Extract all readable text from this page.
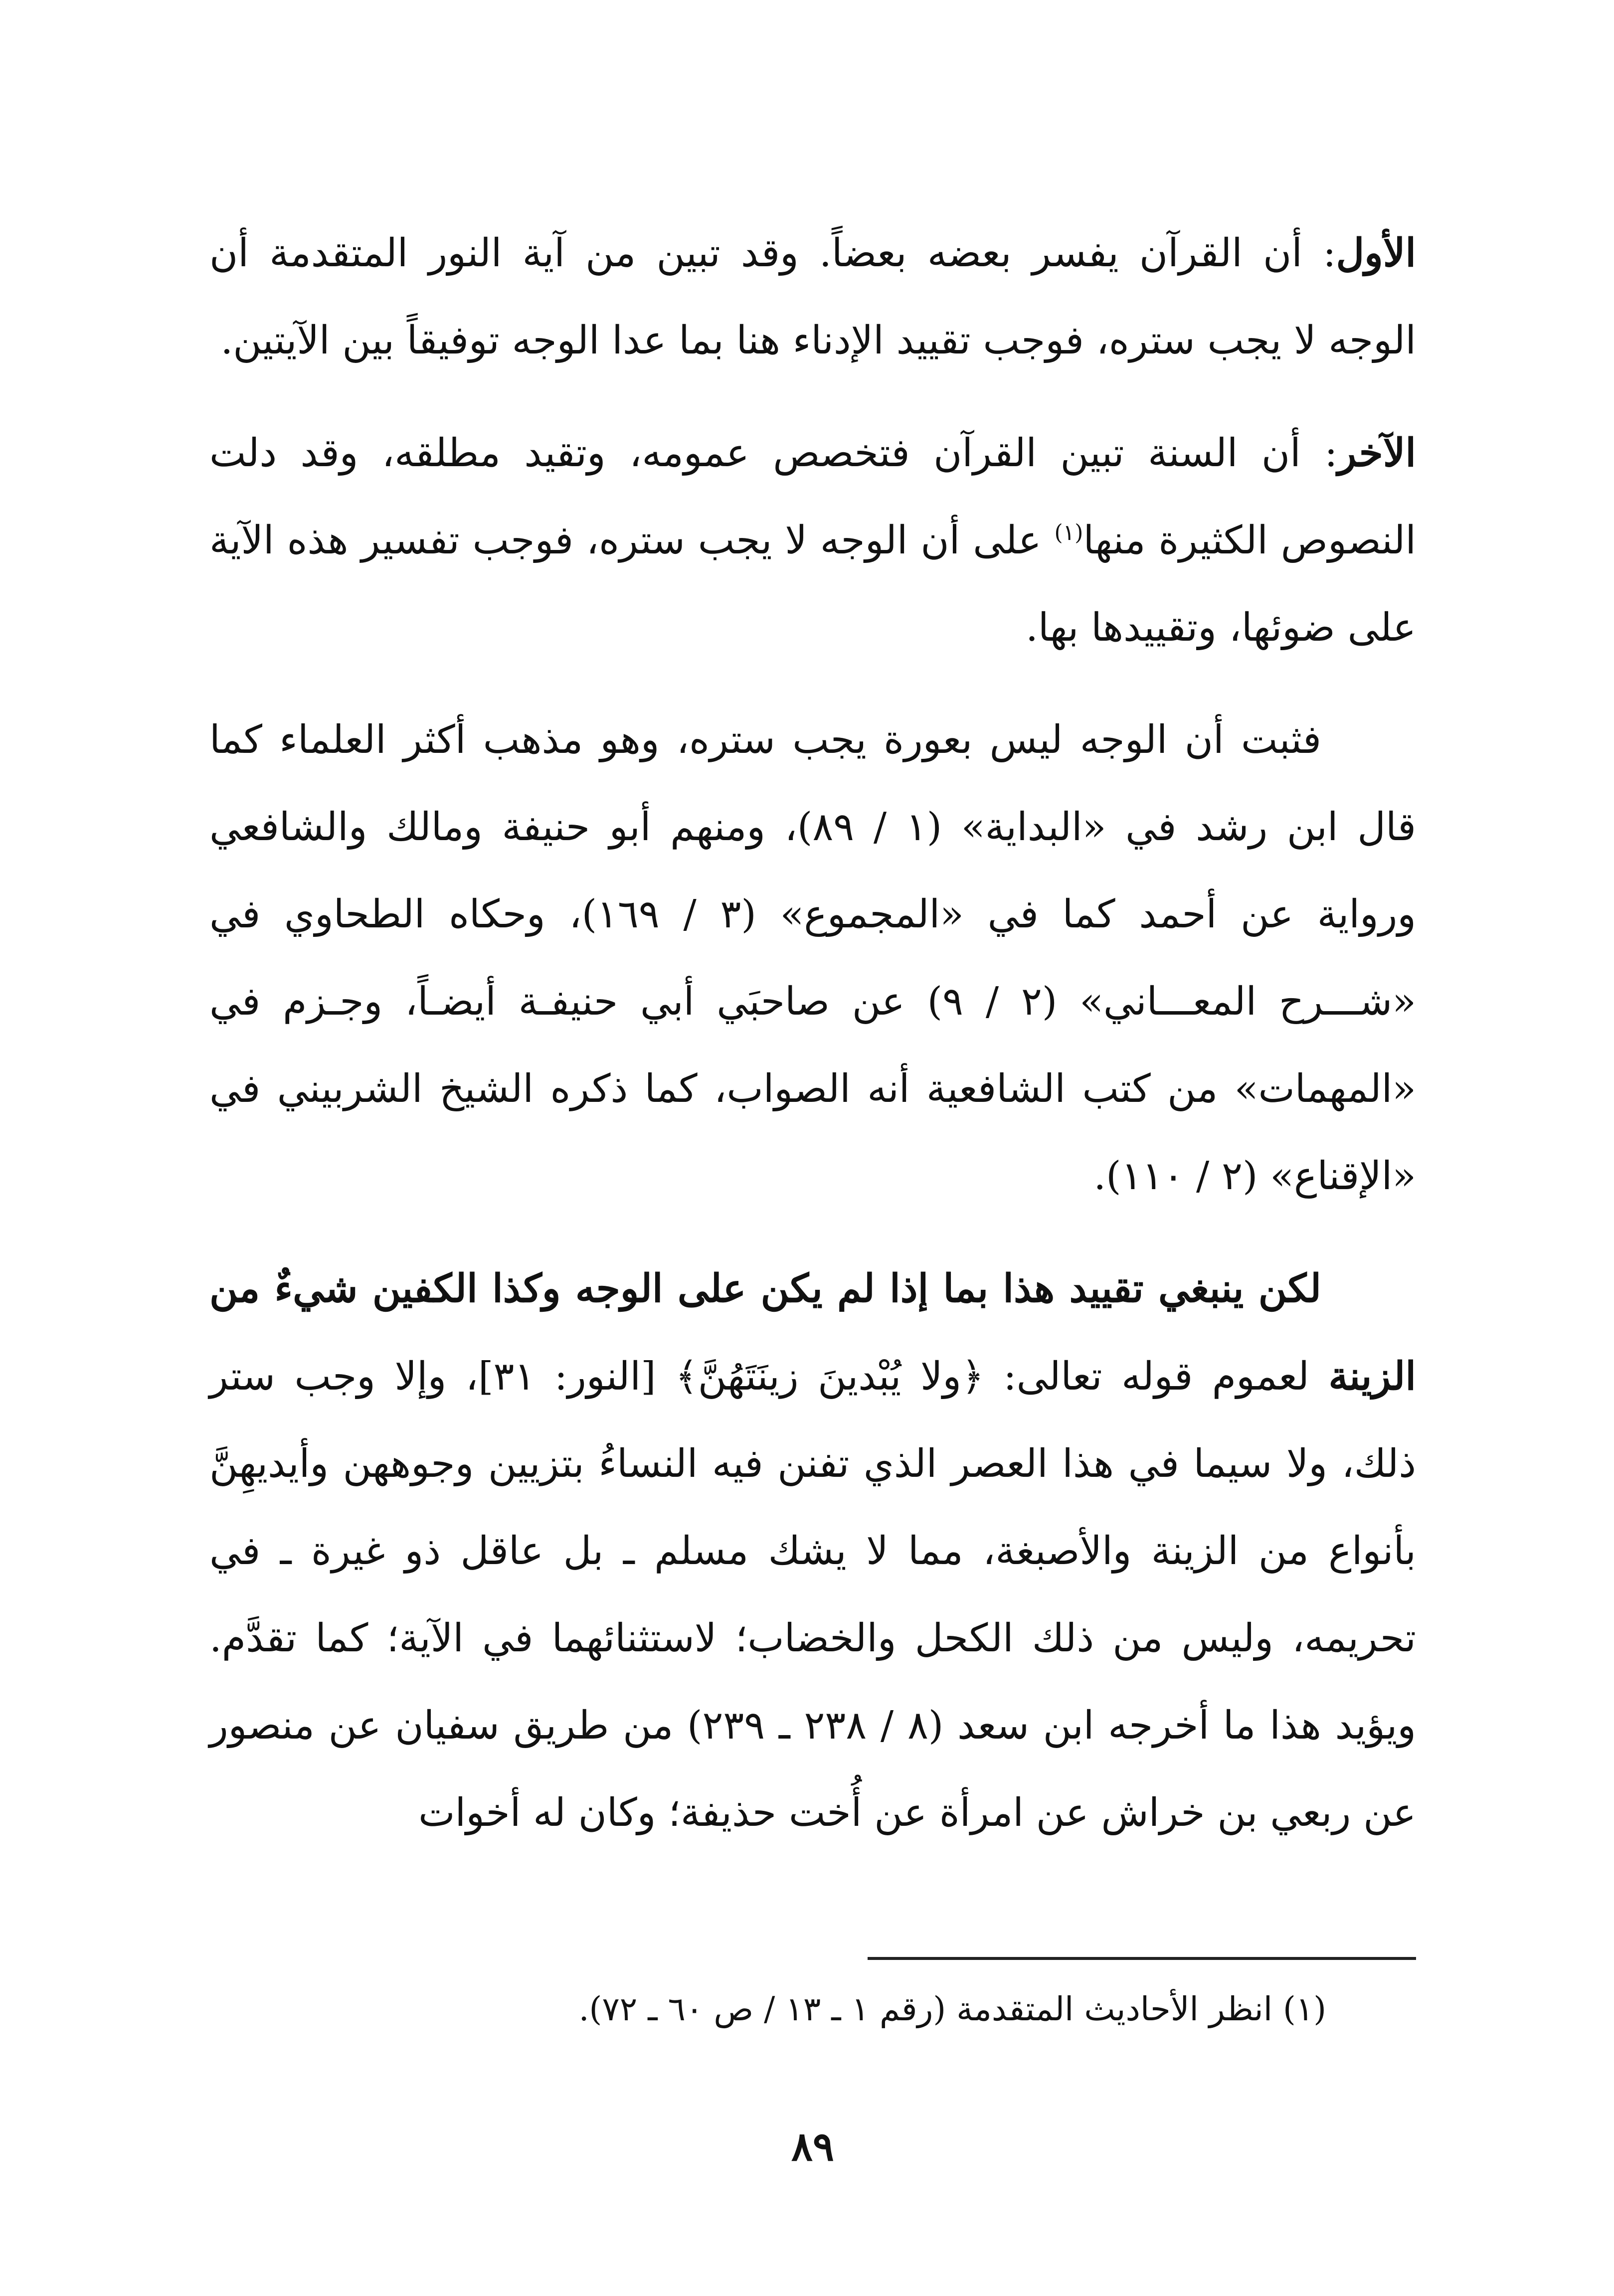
الأول: أن القرآن يفسر بعضه بعضاً. وقد تبين من آية النور المتقدمة أن الوجه لا يجب ستره، فوجب تقييد الإدناء هنا بما عدا الوجه توفيقاً بين الآيتين.

الآخر: أن السنة تبين القرآن فتخصص عمومه، وتقيد مطلقه، وقد دلت النصوص الكثيرة منها$^{(١)}$ على أن الوجه لا يجب ستره، فوجب تفسير هذه الآية على ضوئها، وتقييدها بها.

فثبت أن الوجه ليس بعورة يجب ستره، وهو مذهب أكثر العلماء كما قال ابن رشد في «البداية» (١ / ٨٩)، ومنهم أبو حنيفة ومالك والشافعي ورواية عن أحمد كما في «المجموع» (٣ / ١٦٩)، وحكاه الطحاوي في «شـــرح المعـــاني» (٢ / ٩) عن صاحبَي أبي حنيفـة أيضـاً، وجـزم في «المهمات» من كتب الشافعية أنه الصواب، كما ذكره الشيخ الشربيني في «الإقناع» (٢ / ١١٠).

لكن ينبغي تقييد هذا بما إذا لم يكن على الوجه وكذا الكفين شيءٌ من الزينة لعموم قوله تعالى: ﴿ولا يُبْدينَ زينَتَهُنَّ﴾ [النور: ٣١]، وإلا وجب ستر ذلك، ولا سيما في هذا العصر الذي تفنن فيه النساءُ بتزيين وجوههن وأيديهِنَّ بأنواع من الزينة والأصبغة، مما لا يشك مسلم ـ بل عاقل ذو غيرة ـ في تحريمه، وليس من ذلك الكحل والخضاب؛ لاستثنائهما في الآية؛ كما تقدَّم. ويؤيد هذا ما أخرجه ابن سعد (٨ / ٢٣٨ ـ ٢٣٩) من طريق سفيان عن منصور عن ربعي بن خراش عن امرأة عن أُخت حذيفة؛ وكان له أخوات

(١) انظر الأحاديث المتقدمة (رقم ١ ـ ١٣ / ص ٦٠ ـ ٧٢).
٨٩
